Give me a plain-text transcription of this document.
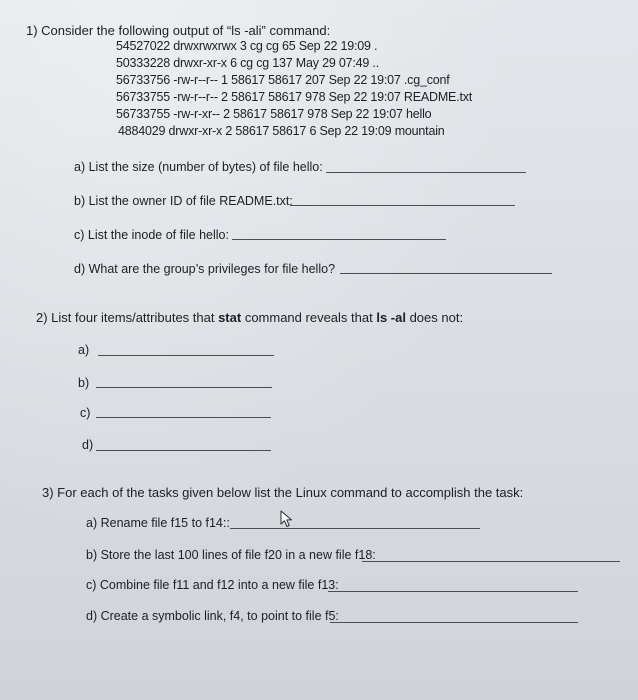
1) Consider the following output of “ls -ali” command:
54527022 drwxrwxrwx 3 cg cg 65 Sep 22 19:09 .
50333228 drwxr-xr-x 6 cg cg 137 May 29 07:49 ..
56733756 -rw-r--r-- 1 58617 58617 207 Sep 22 19:07 .cg_conf
56733755 -rw-r--r-- 2 58617 58617 978 Sep 22 19:07 README.txt
56733755 -rw-r-xr-- 2 58617 58617 978 Sep 22 19:07 hello
4884029 drwxr-xr-x 2 58617 58617 6 Sep 22 19:09 mountain
a) List the size (number of bytes) of file hello:
b) List the owner ID of file README.txt:
c) List the inode of file hello:
d) What are the group’s privileges for file hello?
2) List four items/attributes that stat command reveals that ls -al does not:
a)
b)
c)
d)
3) For each of the tasks given below list the Linux command to accomplish the task:
a) Rename file f15 to f14::
b) Store the last 100 lines of file f20 in a new file f18:
c) Combine file f11 and f12 into a new file f13:
d) Create a symbolic link, f4, to point to file f5:
